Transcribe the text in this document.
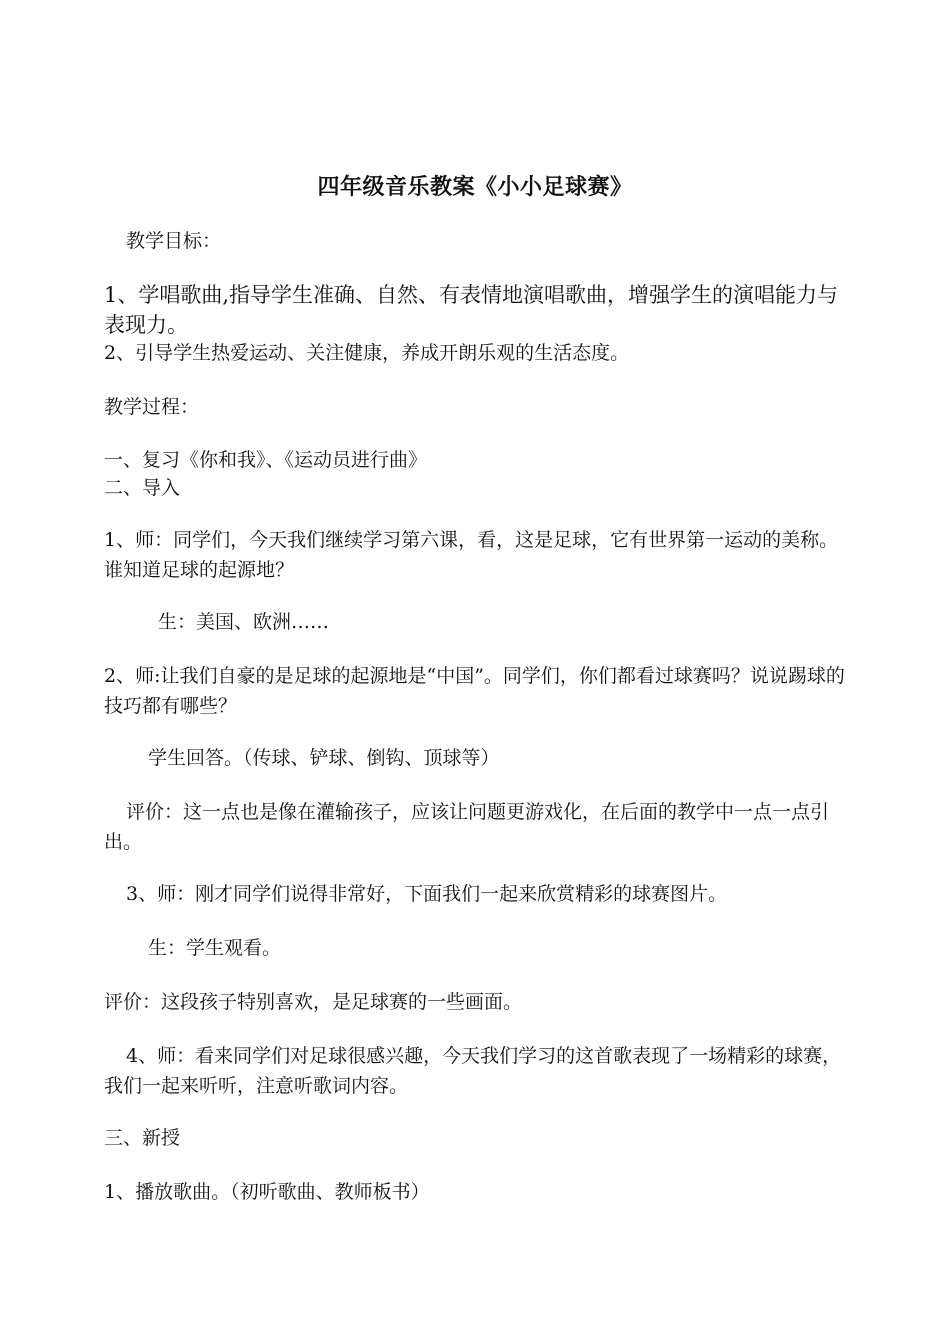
四年级音乐教案《小小足球赛》
教学目标：
1、学唱歌曲,指导学生准确、自然、有表情地演唱歌曲，增强学生的演唱能力与表现力。
2、引导学生热爱运动、关注健康，养成开朗乐观的生活态度。
教学过程：
一、复习《你和我》、《运动员进行曲》
二、导入
1、师：同学们，今天我们继续学习第六课，看，这是足球，它有世界第一运动的美称。谁知道足球的起源地？
生：美国、欧洲……
2、师:让我们自豪的是足球的起源地是“中国”。同学们，你们都看过球赛吗？说说踢球的技巧都有哪些？
学生回答。（传球、铲球、倒钩、顶球等）
评价：这一点也是像在灌输孩子，应该让问题更游戏化，在后面的教学中一点一点引出。
3、师：刚才同学们说得非常好，下面我们一起来欣赏精彩的球赛图片。
生：学生观看。
评价：这段孩子特别喜欢，是足球赛的一些画面。
4、师：看来同学们对足球很感兴趣，今天我们学习的这首歌表现了一场精彩的球赛，我们一起来听听，注意听歌词内容。
三、新授
1、播放歌曲。（初听歌曲、教师板书）
